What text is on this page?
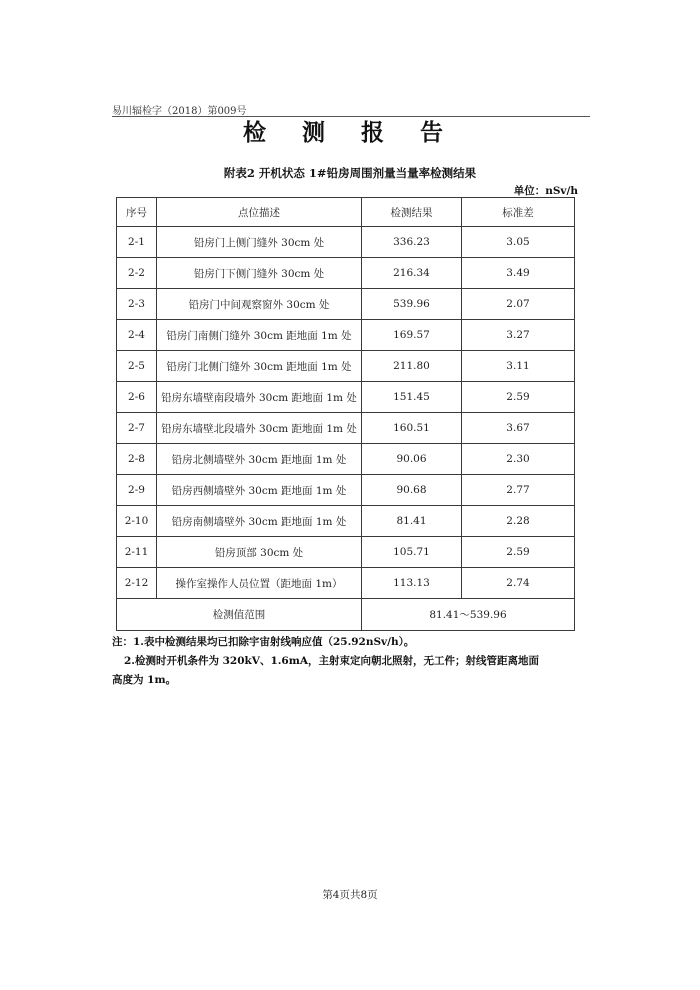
易川辐检字（2018）第009号
检 测 报 告
附表2 开机状态 1#铅房周围剂量当量率检测结果
单位：nSv/h
序号	点位描述	检测结果	标准差
2-1	铅房门上侧门缝外 30cm 处	336.23	3.05
2-2	铅房门下侧门缝外 30cm 处	216.34	3.49
2-3	铅房门中间观察窗外 30cm 处	539.96	2.07
2-4	铅房门南侧门缝外 30cm 距地面 1m 处	169.57	3.27
2-5	铅房门北侧门缝外 30cm 距地面 1m 处	211.80	3.11
2-6	铅房东墙壁南段墙外 30cm 距地面 1m 处	151.45	2.59
2-7	铅房东墙壁北段墙外 30cm 距地面 1m 处	160.51	3.67
2-8	铅房北侧墙壁外 30cm 距地面 1m 处	90.06	2.30
2-9	铅房西侧墙壁外 30cm 距地面 1m 处	90.68	2.77
2-10	铅房南侧墙壁外 30cm 距地面 1m 处	81.41	2.28
2-11	铅房顶部 30cm 处	105.71	2.59
2-12	操作室操作人员位置（距地面 1m）	113.13	2.74
检测值范围		81.41～539.96	
注：1.表中检测结果均已扣除宇宙射线响应值（25.92nSv/h）。
2.检测时开机条件为 320kV、1.6mA，主射束定向朝北照射，无工件；射线管距离地面
高度为 1m。
第4页共8页
